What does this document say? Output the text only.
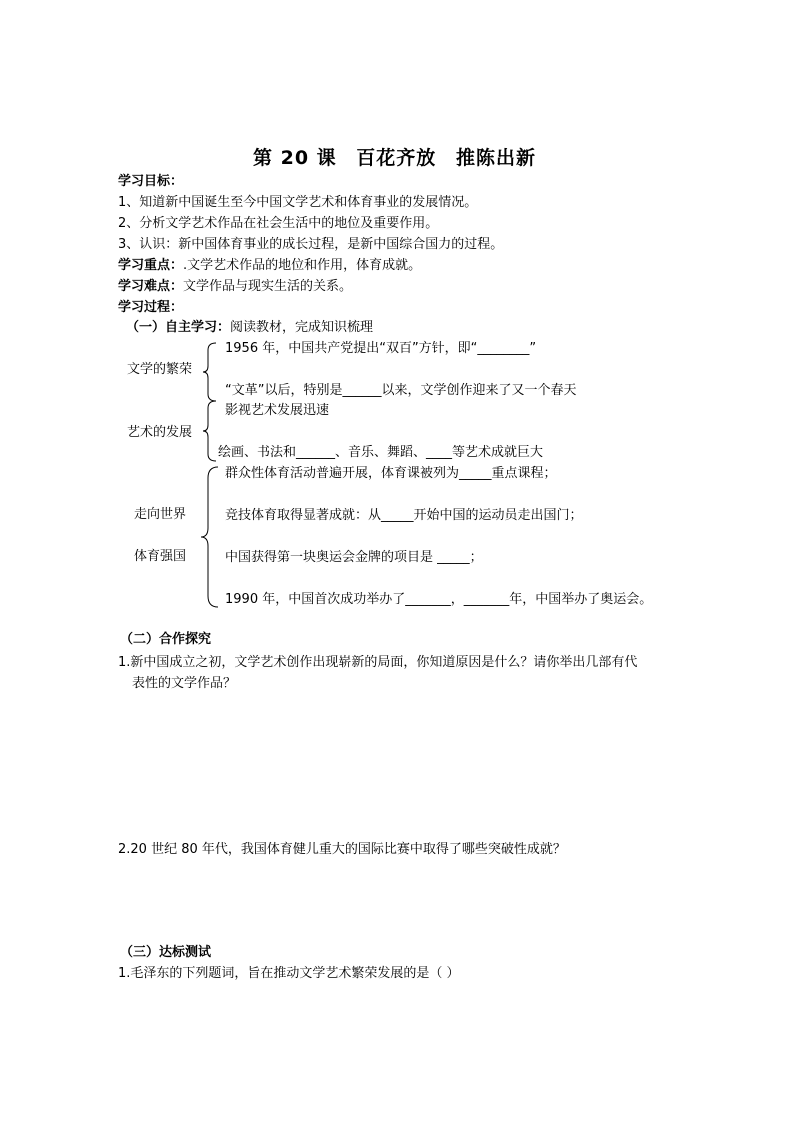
第 20 课 百花齐放 推陈出新
学习目标：
1、知道新中国诞生至今中国文学艺术和体育事业的发展情况。
2、分析文学艺术作品在社会生活中的地位及重要作用。
3、认识：新中国体育事业的成长过程，是新中国综合国力的过程。
学习重点：.文学艺术作品的地位和作用，体育成就。
学习难点：文学作品与现实生活的关系。
学习过程：
（一）自主学习：阅读教材，完成知识梳理
文学的繁荣
1956 年，中国共产党提出“双百”方针，即“________”
“文革”以后，特别是______以来，文学创作迎来了又一个春天
艺术的发展
影视艺术发展迅速
绘画、书法和______、音乐、舞蹈、____等艺术成就巨大
走向世界
体育强国
群众性体育活动普遍开展，体育课被列为_____重点课程；
竞技体育取得显著成就：从_____开始中国的运动员走出国门；
中国获得第一块奥运会金牌的项目是 _____；
1990 年，中国首次成功举办了_______，_______年，中国举办了奥运会。
（二）合作探究
1.新中国成立之初，文学艺术创作出现崭新的局面，你知道原因是什么？请你举出几部有代
表性的文学作品？
2.20 世纪 80 年代，我国体育健儿重大的国际比赛中取得了哪些突破性成就？
（三）达标测试
1.毛泽东的下列题词，旨在推动文学艺术繁荣发展的是（ ）
